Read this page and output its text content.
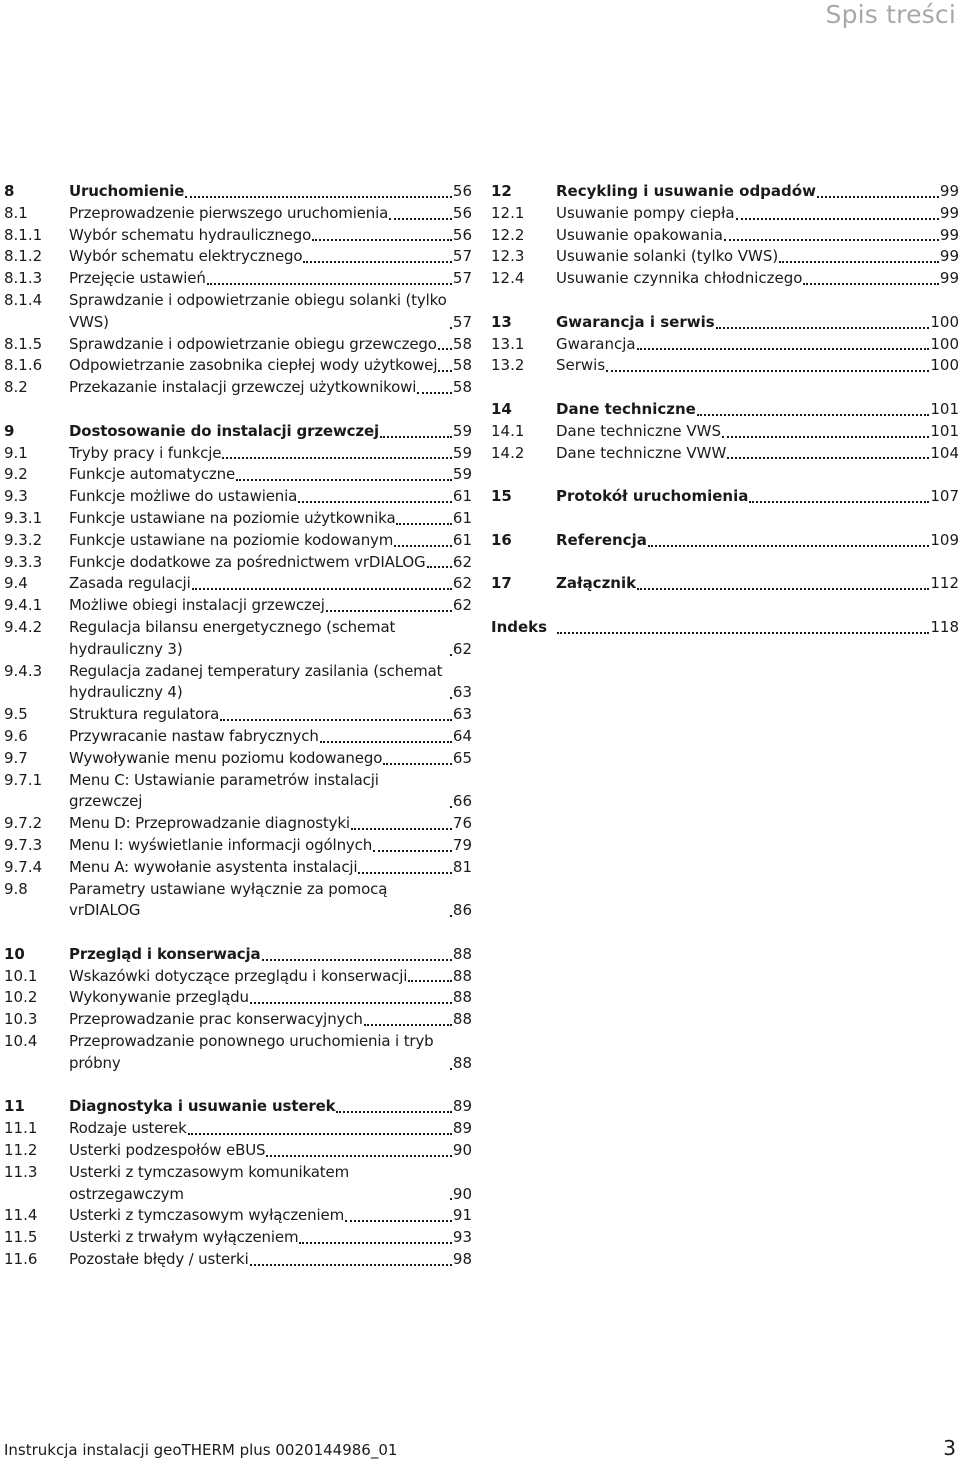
Spis treści
8	Uruchomienie	56
8.1	Przeprowadzenie pierwszego uruchomienia	56
8.1.1	Wybór schematu hydraulicznego	56
8.1.2	Wybór schematu elektrycznego	57
8.1.3	Przejęcie ustawień	57
8.1.4	Sprawdzanie i odpowietrzanie obiegu solanki (tylko VWS)	57
8.1.5	Sprawdzanie i odpowietrzanie obiegu grzewczego 58
8.1.6	Odpowietrzanie zasobnika ciepłej wody użytkowej 58
8.2	Przekazanie instalacji grzewczej użytkownikowi 58
9	Dostosowanie do instalacji grzewczej	59
9.1	Tryby pracy i funkcje	59
9.2	Funkcje automatyczne	59
9.3	Funkcje możliwe do ustawienia	61
9.3.1	Funkcje ustawiane na poziomie użytkownika	61
9.3.2	Funkcje ustawiane na poziomie kodowanym	61
9.3.3	Funkcje dodatkowe za pośrednictwem vrDIALOG 62
9.4	Zasada regulacji	62
9.4.1	Możliwe obiegi instalacji grzewczej	62
9.4.2	Regulacja bilansu energetycznego (schemat hydrauliczny 3)	62
9.4.3	Regulacja zadanej temperatury zasilania (schemat hydrauliczny 4)	63
9.5	Struktura regulatora	63
9.6	Przywracanie nastaw fabrycznych	64
9.7	Wywoływanie menu poziomu kodowanego	65
9.7.1	Menu C: Ustawianie parametrów instalacji grzewczej	66
9.7.2	Menu D: Przeprowadzanie diagnostyki	76
9.7.3	Menu I: wyświetlanie informacji ogólnych	79
9.7.4	Menu A: wywołanie asystenta instalacji	81
9.8	Parametry ustawiane wyłącznie za pomocą vrDIALOG	86
10	Przegląd i konserwacja	88
10.1	Wskazówki dotyczące przeglądu i konserwacji	88
10.2	Wykonywanie przeglądu	88
10.3	Przeprowadzanie prac konserwacyjnych	88
10.4	Przeprowadzanie ponownego uruchomienia i tryb próbny	88
11	Diagnostyka i usuwanie usterek	89
11.1	Rodzaje usterek	89
11.2	Usterki podzespołów eBUS	90
11.3	Usterki z tymczasowym komunikatem ostrzegawczym	90
11.4	Usterki z tymczasowym wyłączeniem	91
11.5	Usterki z trwałym wyłączeniem	93
11.6	Pozostałe błędy / usterki	98
12	Recykling i usuwanie odpadów	99
12.1	Usuwanie pompy ciepła	99
12.2	Usuwanie opakowania	99
12.3	Usuwanie solanki (tylko VWS)	99
12.4	Usuwanie czynnika chłodniczego	99
13	Gwarancja i serwis	100
13.1	Gwarancja	100
13.2	Serwis	100
14	Dane techniczne	101
14.1	Dane techniczne VWS	101
14.2	Dane techniczne VWW	104
15	Protokół uruchomienia	107
16	Referencja	109
17	Załącznik	112
Indeks	118
Instrukcja instalacji geoTHERM plus 0020144986_01	3
